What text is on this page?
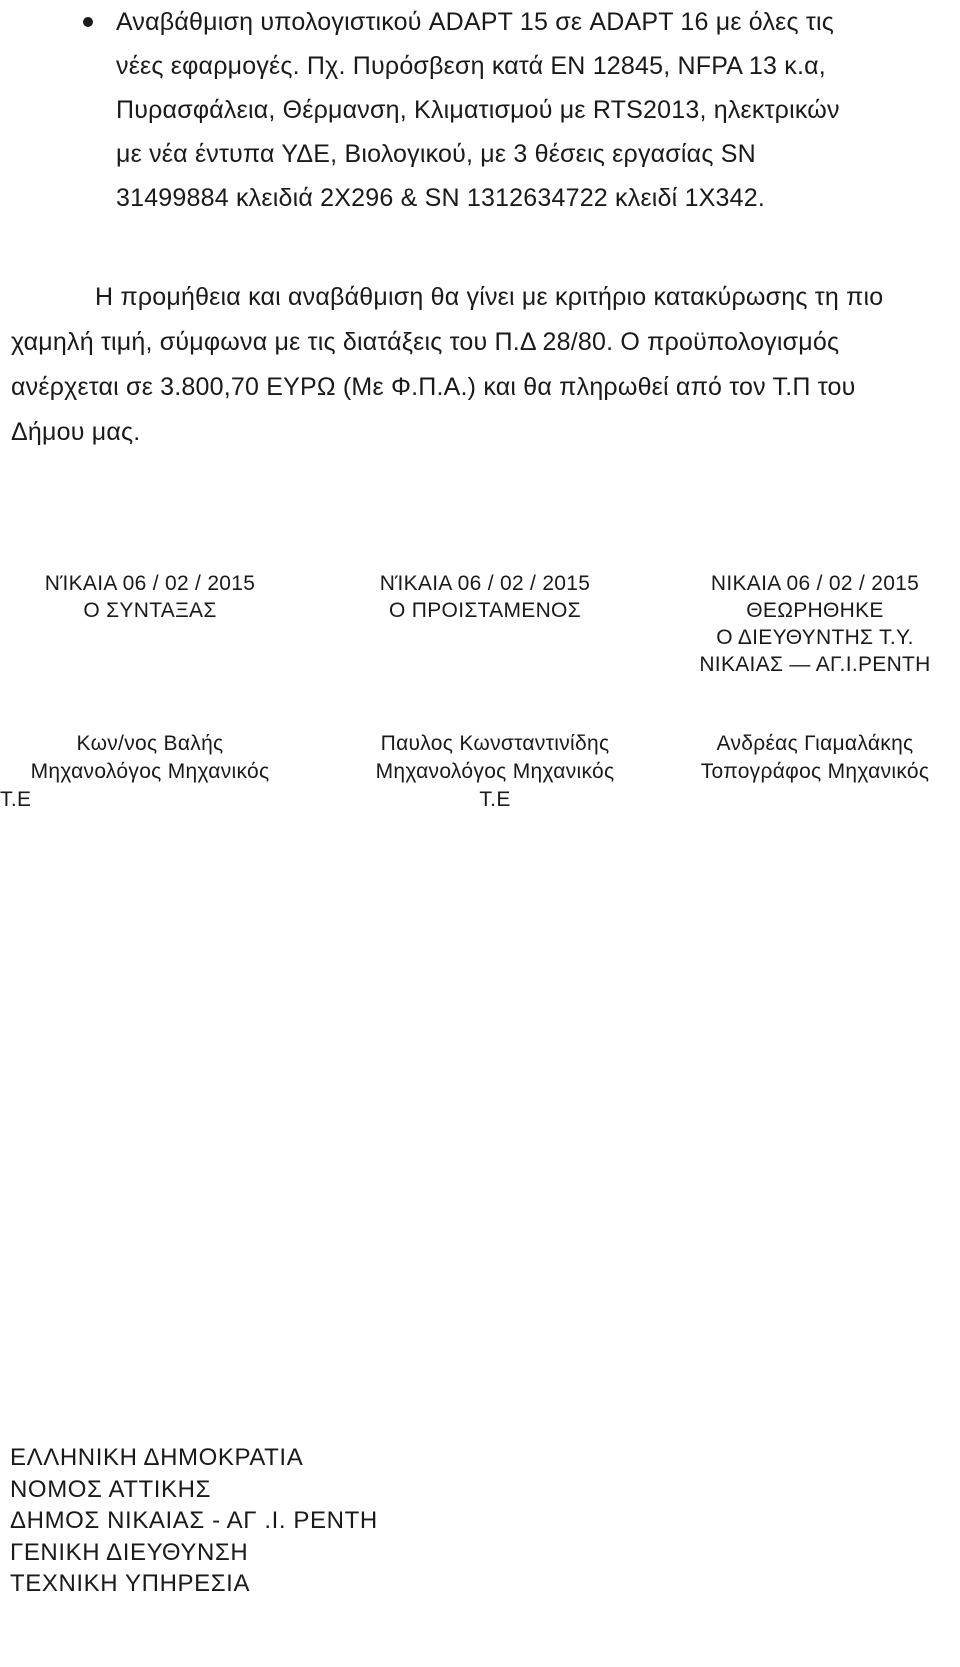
Αναβάθμιση υπολογιστικού ADAPT 15 σε ADAPT 16 με όλες τις
νέες εφαρμογές. Πχ. Πυρόσβεση κατά EN 12845, NFPA 13 κ.α,
Πυρασφάλεια, Θέρμανση, Κλιματισμού με RTS2013, ηλεκτρικών
με νέα έντυπα ΥΔΕ, Βιολογικού, με 3 θέσεις εργασίας SN
31499884 κλειδιά 2Χ296 & SN 1312634722 κλειδί 1Χ342.
Η προμήθεια και αναβάθμιση θα γίνει με κριτήριο κατακύρωσης τη πιο
χαμηλή τιμή, σύμφωνα με τις διατάξεις του Π.Δ 28/80. Ο προϋπολογισμός
ανέρχεται σε 3.800,70 ΕΥΡΩ (Με Φ.Π.Α.) και θα πληρωθεί από τον Τ.Π του
Δήμου μας.
ΝΊΚΑΙΑ 06 / 02 / 2015
Ο ΣΥΝΤΑΞΑΣ
ΝΊΚΑΙΑ 06 / 02 / 2015
Ο ΠΡΟΙΣΤΑΜΕΝΟΣ
ΝΙΚΑΙΑ 06 / 02 / 2015
ΘΕΩΡΗΘΗΚΕ
Ο ΔΙΕΥΘΥΝΤΗΣ Τ.Υ.
ΝΙΚΑΙΑΣ — ΑΓ.Ι.ΡΕΝΤΗ
Κων/νος Βαλής
Μηχανολόγος Μηχανικός
Τ.Ε
Παυλος Κωνσταντινίδης
Μηχανολόγος Μηχανικός
Τ.Ε
Ανδρέας Γιαμαλάκης
Τοπογράφος Μηχανικός
ΕΛΛΗΝΙΚΗ ΔΗΜΟΚΡΑΤΙΑ
ΝΟΜΟΣ ΑΤΤΙΚΗΣ
ΔΗΜΟΣ ΝΙΚΑΙΑΣ - ΑΓ .Ι. ΡΕΝΤΗ
ΓΕΝΙΚΗ ΔΙΕΥΘΥΝΣΗ
ΤΕΧΝΙΚΗ ΥΠΗΡΕΣΙΑ
